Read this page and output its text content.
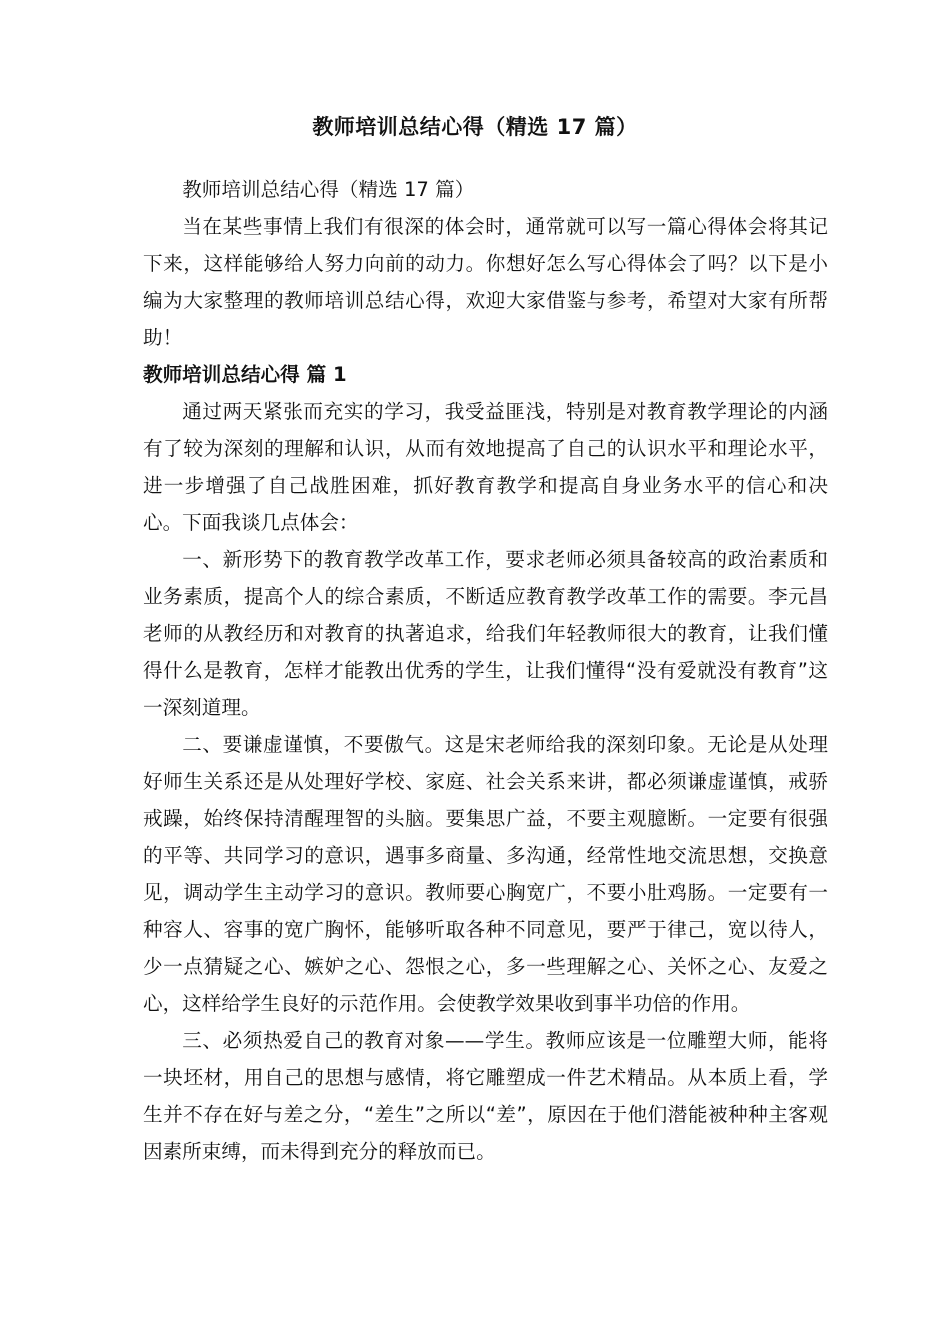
教师培训总结心得（精选 17 篇）

教师培训总结心得（精选 17 篇）

当在某些事情上我们有很深的体会时，通常就可以写一篇心得体会将其记下来，这样能够给人努力向前的动力。你想好怎么写心得体会了吗？以下是小编为大家整理的教师培训总结心得，欢迎大家借鉴与参考，希望对大家有所帮助！

教师培训总结心得 篇 1

通过两天紧张而充实的学习，我受益匪浅，特别是对教育教学理论的内涵有了较为深刻的理解和认识，从而有效地提高了自己的认识水平和理论水平，进一步增强了自己战胜困难，抓好教育教学和提高自身业务水平的信心和决心。下面我谈几点体会：

一、新形势下的教育教学改革工作，要求老师必须具备较高的政治素质和业务素质，提高个人的综合素质，不断适应教育教学改革工作的需要。李元昌老师的从教经历和对教育的执著追求，给我们年轻教师很大的教育，让我们懂得什么是教育，怎样才能教出优秀的学生，让我们懂得“没有爱就没有教育”这一深刻道理。

二、要谦虚谨慎，不要傲气。这是宋老师给我的深刻印象。无论是从处理好师生关系还是从处理好学校、家庭、社会关系来讲，都必须谦虚谨慎，戒骄戒躁，始终保持清醒理智的头脑。要集思广益，不要主观臆断。一定要有很强的平等、共同学习的意识，遇事多商量、多沟通，经常性地交流思想，交换意见，调动学生主动学习的意识。教师要心胸宽广，不要小肚鸡肠。一定要有一种容人、容事的宽广胸怀，能够听取各种不同意见，要严于律己，宽以待人，少一点猜疑之心、嫉妒之心、怨恨之心，多一些理解之心、关怀之心、友爱之心，这样给学生良好的示范作用。会使教学效果收到事半功倍的作用。

三、必须热爱自己的教育对象——学生。教师应该是一位雕塑大师，能将一块坯材，用自己的思想与感情，将它雕塑成一件艺术精品。从本质上看，学生并不存在好与差之分，“差生”之所以“差”，原因在于他们潜能被种种主客观因素所束缚，而未得到充分的释放而已。
